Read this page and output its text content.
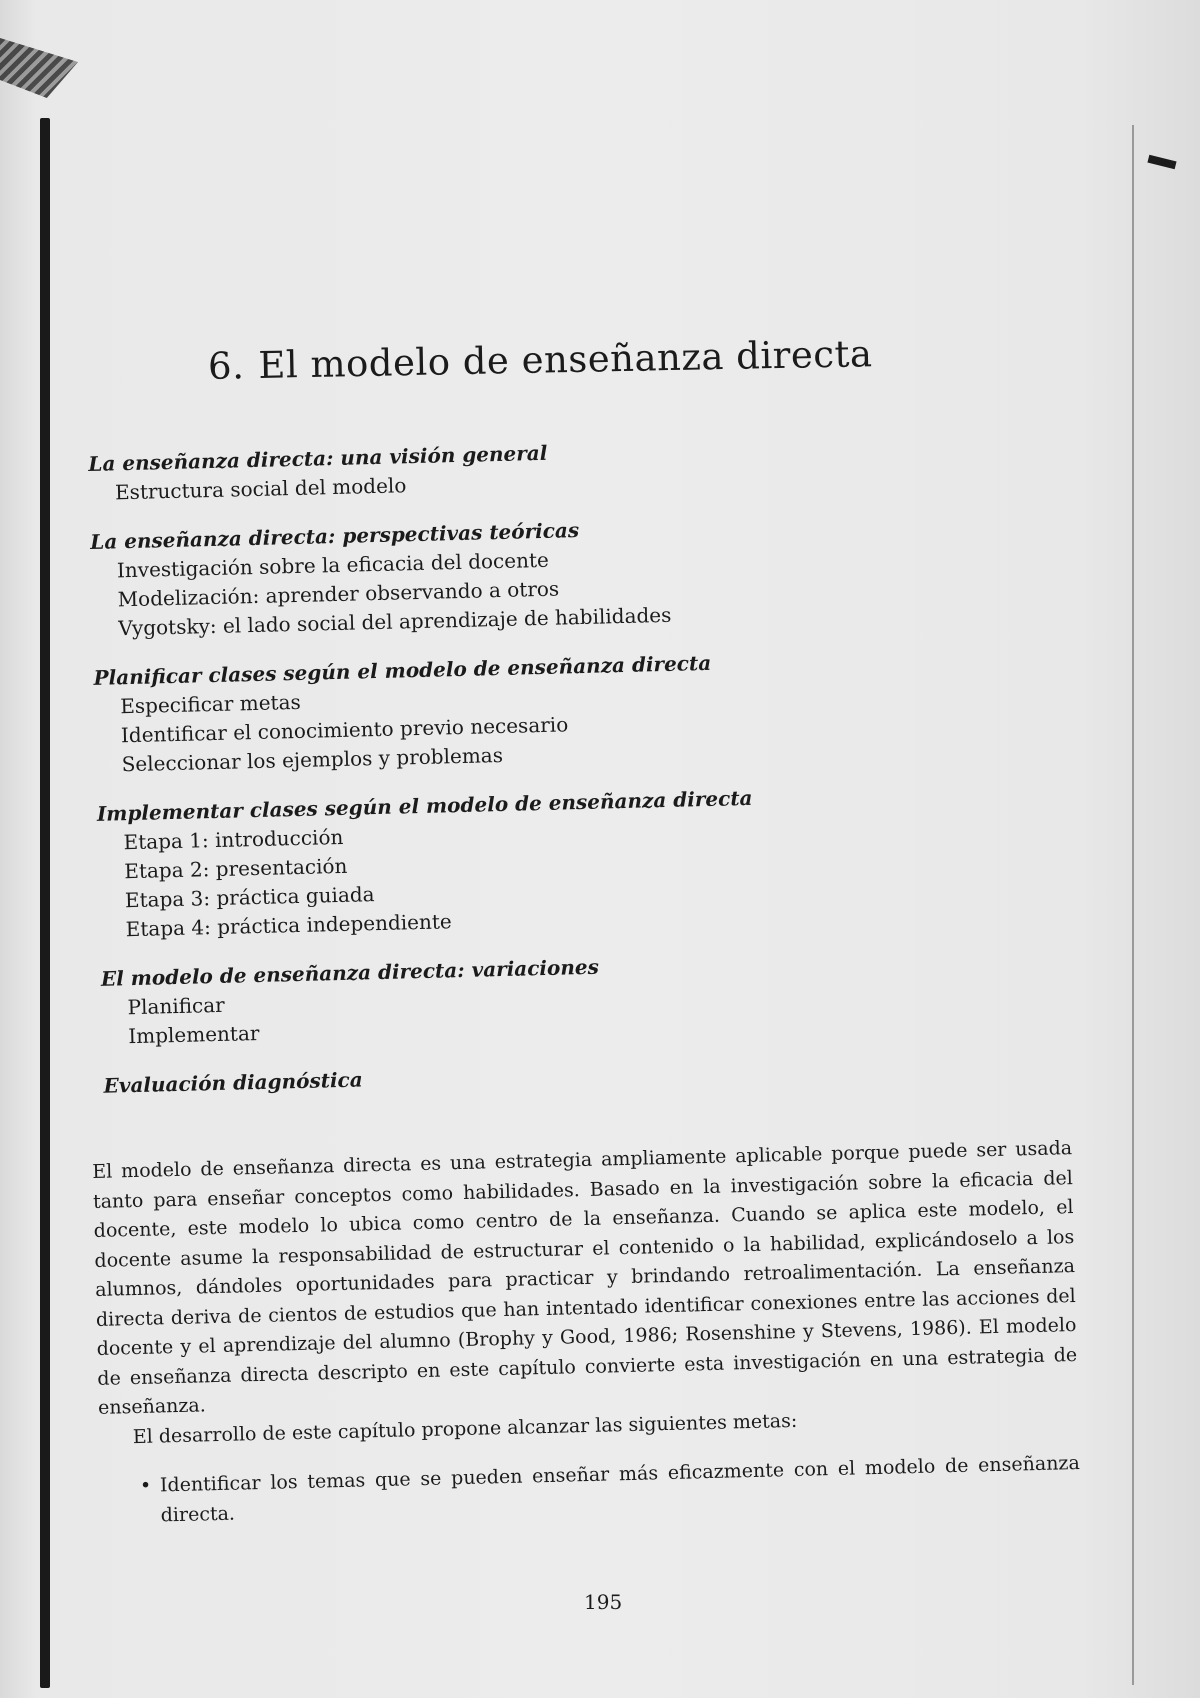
6. El modelo de enseñanza directa
La enseñanza directa: una visión general
Estructura social del modelo
La enseñanza directa: perspectivas teóricas
Investigación sobre la eficacia del docente
Modelización: aprender observando a otros
Vygotsky: el lado social del aprendizaje de habilidades
Planificar clases según el modelo de enseñanza directa
Especificar metas
Identificar el conocimiento previo necesario
Seleccionar los ejemplos y problemas
Implementar clases según el modelo de enseñanza directa
Etapa 1: introducción
Etapa 2: presentación
Etapa 3: práctica guiada
Etapa 4: práctica independiente
El modelo de enseñanza directa: variaciones
Planificar
Implementar
Evaluación diagnóstica

El modelo de enseñanza directa es una estrategia ampliamente aplicable porque puede ser usada tanto para enseñar conceptos como habilidades. Basado en la investigación sobre la eficacia del docente, este modelo lo ubica como centro de la enseñanza. Cuando se aplica este modelo, el docente asume la responsabilidad de estructurar el contenido o la habilidad, explicándoselo a los alumnos, dándoles oportunidades para practicar y brindando retroalimentación. La enseñanza directa deriva de cientos de estudios que han intentado identificar conexiones entre las acciones del docente y el aprendizaje del alumno (Brophy y Good, 1986; Rosenshine y Stevens, 1986). El modelo de enseñanza directa descripto en este capítulo convierte esta investigación en una estrategia de enseñanza.

El desarrollo de este capítulo propone alcanzar las siguientes metas:

• Identificar los temas que se pueden enseñar más eficazmente con el modelo de enseñanza directa.
195
